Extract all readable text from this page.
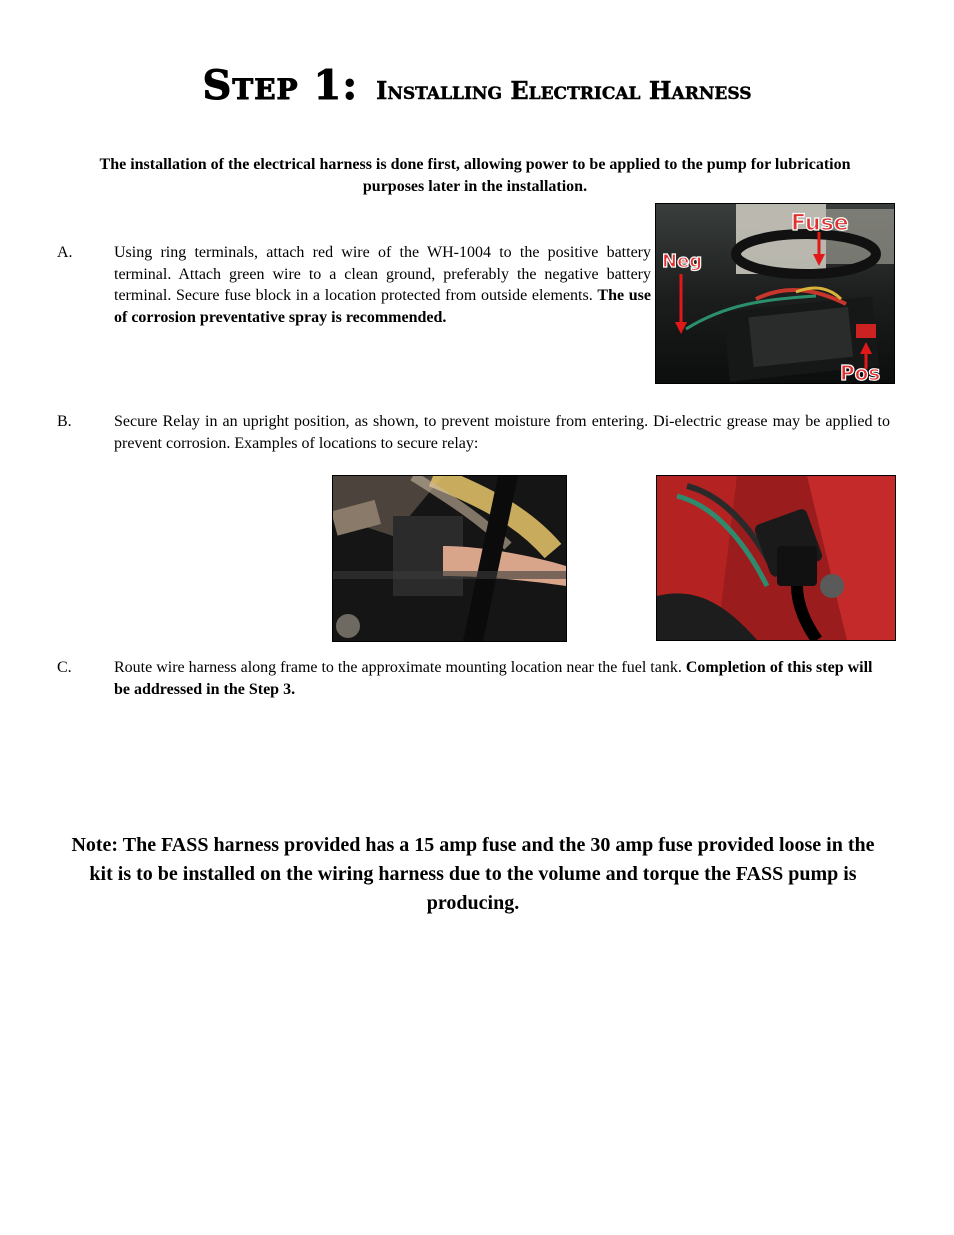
Step 1: Installing Electrical Harness
The installation of the electrical harness is done first, allowing power to be applied to the pump for lubrication purposes later in the installation.
A.	Using ring terminals, attach red wire of the WH-1004 to the positive battery terminal. Attach green wire to a clean ground, preferably the negative battery terminal. Secure fuse block in a location protected from outside elements. The use of corrosion preventative spray is recommended.
Fuse
Neg
Pos
B.	Secure Relay in an upright position, as shown, to prevent moisture from entering. Di-electric grease may be applied to prevent corrosion. Examples of locations to secure relay:
C.	Route wire harness along frame to the approximate mounting location near the fuel tank. Completion of this step will be addressed in the Step 3.
Note: The FASS harness provided has a 15 amp fuse and the 30 amp fuse provided loose in the kit is to be installed on the wiring harness due to the volume and torque the FASS pump is producing.
